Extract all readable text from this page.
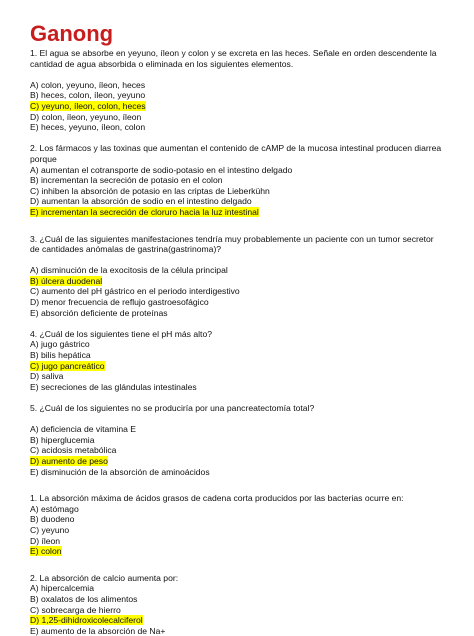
Ganong

1. El agua se absorbe en yeyuno, íleon y colon y se excreta en las heces. Señale en orden descendente la cantidad de agua absorbida o eliminada en los siguientes elementos.

A) colon, yeyuno, íleon, heces
B) heces, colon, íleon, yeyuno
C) yeyuno, íleon, colon, heces
D) colon, íleon, yeyuno, íleon
E) heces, yeyuno, íleon, colon

2. Los fármacos y las toxinas que aumentan el contenido de cAMP de la mucosa intestinal producen diarrea porque

A) aumentan el cotransporte de sodio-potasio en el intestino delgado
B) incrementan la secreción de potasio en el colon
C) inhiben la absorción de potasio en las criptas de Lieberkühn
D) aumentan la absorción de sodio en el intestino delgado
E) incrementan la secreción de cloruro hacia la luz intestinal

3. ¿Cuál de las siguientes manifestaciones tendría muy probablemente un paciente con un tumor secretor de cantidades anómalas de gastrina(gastrinoma)?

A) disminución de la exocitosis de la célula principal
B) úlcera duodenal
C) aumento del pH gástrico en el periodo interdigestivo
D) menor frecuencia de reflujo gastroesofágico
E) absorción deficiente de proteínas

4. ¿Cuál de los siguientes tiene el pH más alto?

A) jugo gástrico
B) bilis hepática
C) jugo pancreático
D) saliva
E) secreciones de las glándulas intestinales

5. ¿Cuál de los siguientes no se produciría por una pancreatectomía total?

A) deficiencia de vitamina E
B) hiperglucemia
C) acidosis metabólica
D) aumento de peso
E) disminución de la absorción de aminoácidos

1. La absorción máxima de ácidos grasos de cadena corta producidos por las bacterias ocurre en:

A) estómago
B) duodeno
C) yeyuno
D) íleon
E) colon

2. La absorción de calcio aumenta por:

A) hipercalcemia
B) oxalatos de los alimentos
C) sobrecarga de hierro
D) 1,25-dihidroxicolecalciferol
E) aumento de la absorción de Na+
